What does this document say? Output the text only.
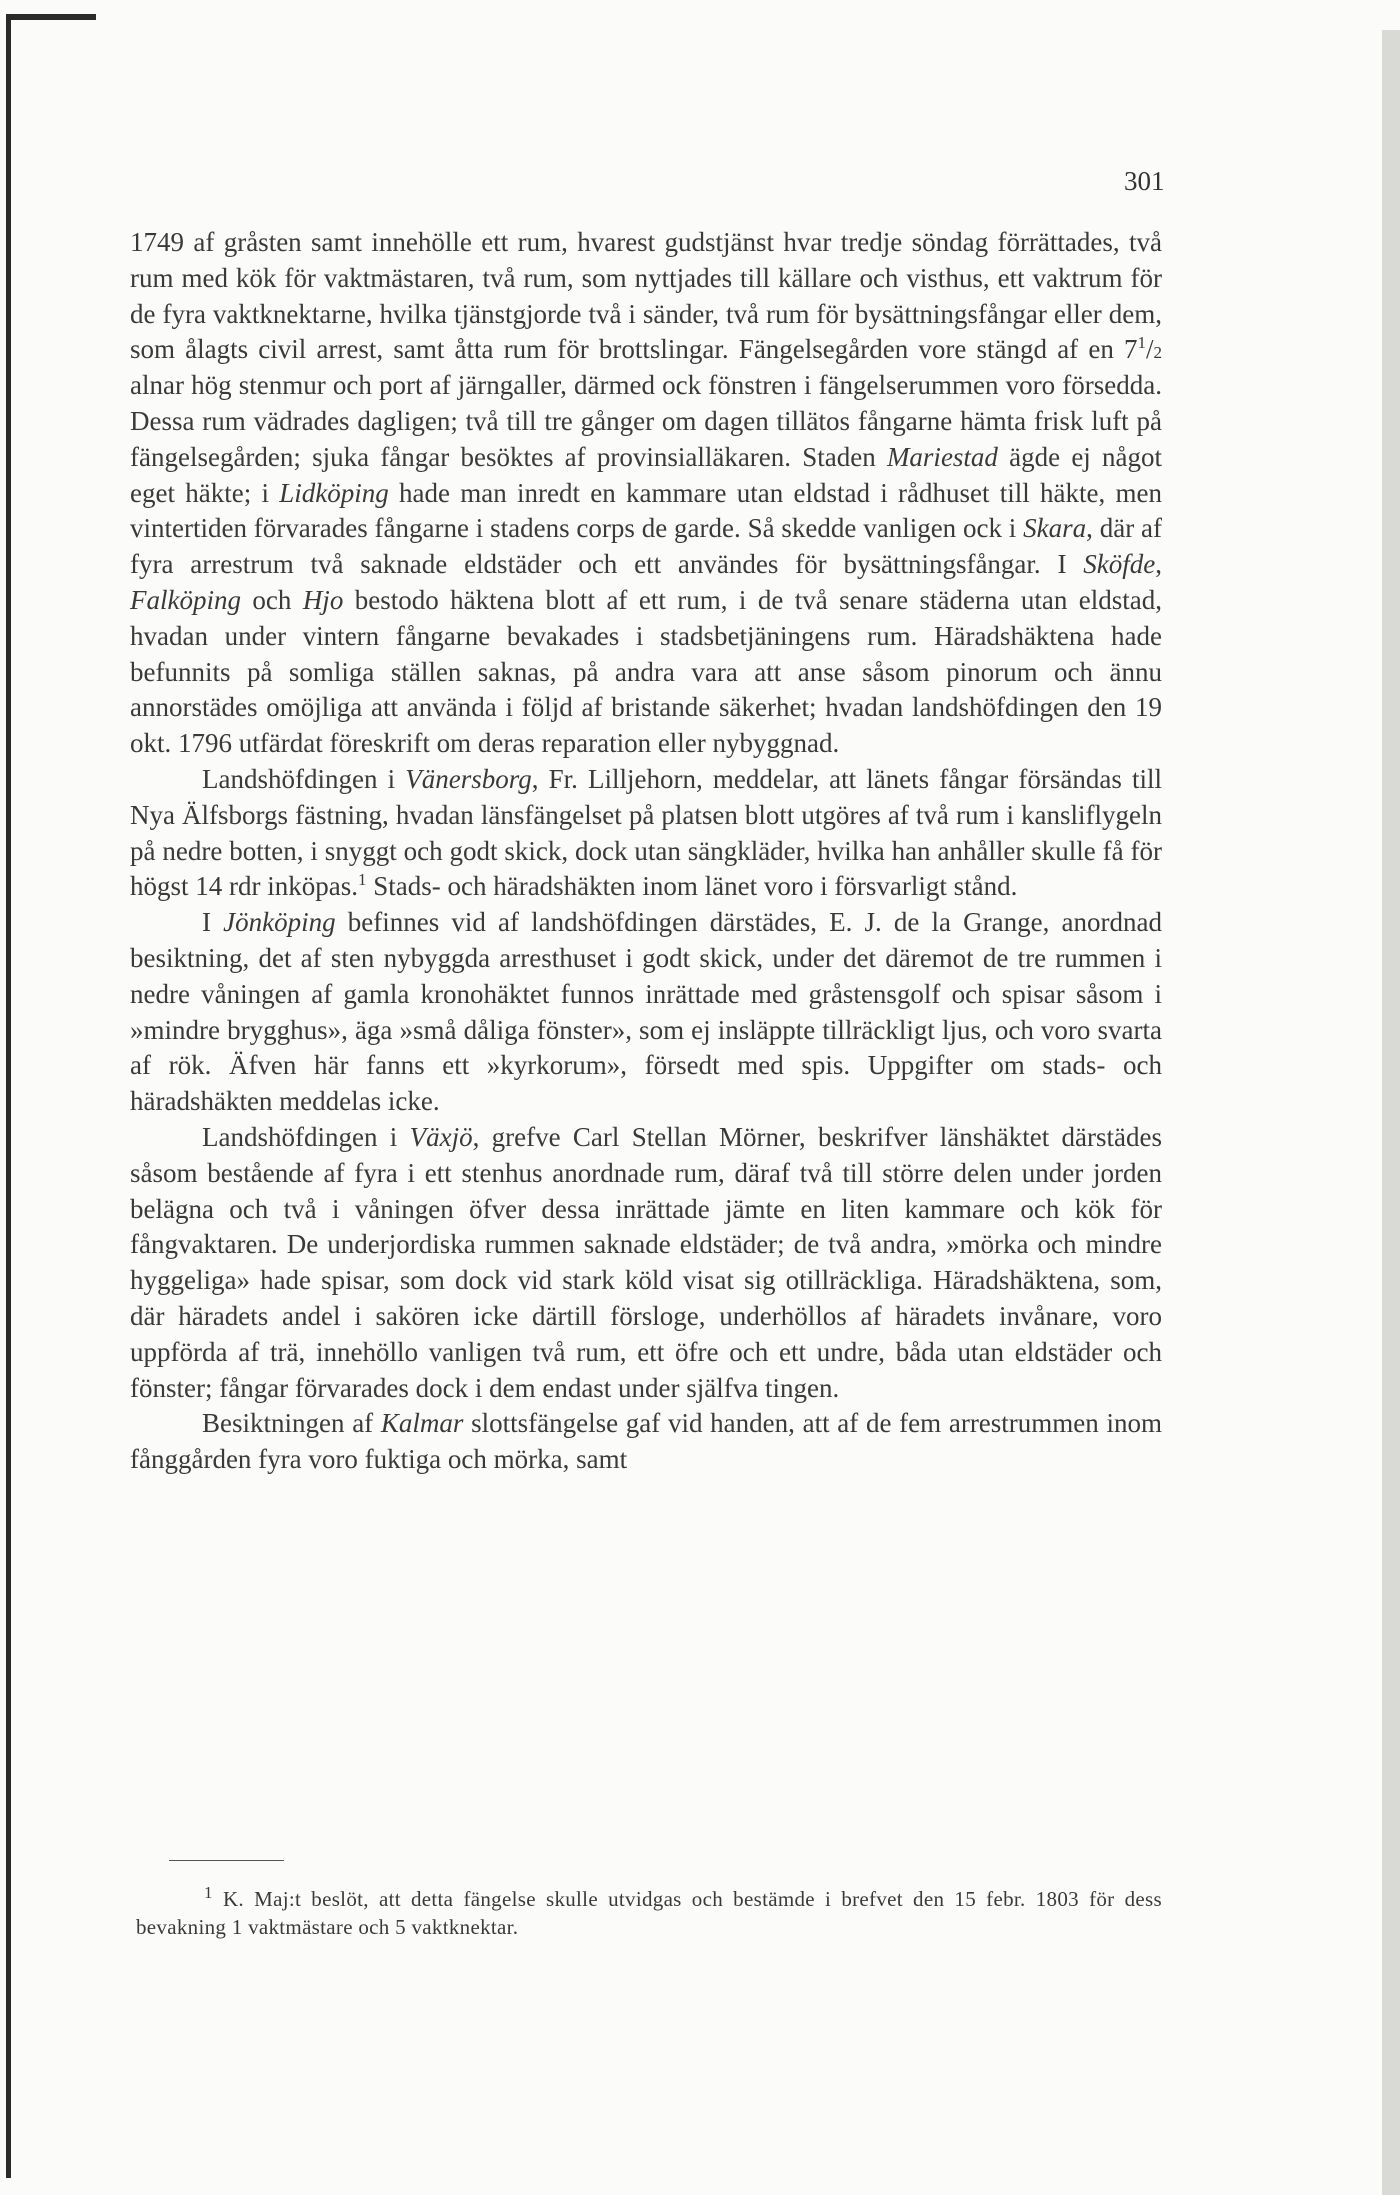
301

1749 af gråsten samt innehölle ett rum, hvarest gudstjänst hvar tredje söndag förrättades, två rum med kök för vaktmästaren, två rum, som nyttjades till källare och visthus, ett vaktrum för de fyra vaktknektarne, hvilka tjänstgjorde två i sänder, två rum för bysättningsfångar eller dem, som ålagts civil arrest, samt åtta rum för brottslingar. Fängelsegården vore stängd af en $7^1/2$ alnar hög stenmur och port af järngaller, därmed ock fönstren i fängelserummen voro försedda. Dessa rum vädrades dagligen; två till tre gånger om dagen tillätos fångarne hämta frisk luft på fängelsegården; sjuka fångar besöktes af provinsialläkaren. Staden Mariestad ägde ej något eget häkte; i Lidköping hade man inredt en kammare utan eldstad i rådhuset till häkte, men vintertiden förvarades fångarne i stadens corps de garde. Så skedde vanligen ock i Skara, där af fyra arrestrum två saknade eldstäder och ett användes för bysättningsfångar. I Sköfde, Falköping och Hjo bestodo häktena blott af ett rum, i de två senare städerna utan eldstad, hvadan under vintern fångarne bevakades i stadsbetjäningens rum. Häradshäktena hade befunnits på somliga ställen saknas, på andra vara att anse såsom pinorum och ännu annorstädes omöjliga att använda i följd af bristande säkerhet; hvadan landshöfdingen den 19 okt. 1796 utfärdat föreskrift om deras reparation eller nybyggnad.

Landshöfdingen i Vänersborg, Fr. Lilljehorn, meddelar, att länets fångar försändas till Nya Älfsborgs fästning, hvadan länsfängelset på platsen blott utgöres af två rum i kansliflygeln på nedre botten, i snyggt och godt skick, dock utan sängkläder, hvilka han anhåller skulle få för högst 14 rdr inköpas.$^1$ Stads- och häradshäkten inom länet voro i försvarligt stånd.

I Jönköping befinnes vid af landshöfdingen därstädes, E. J. de la Grange, anordnad besiktning, det af sten nybyggda arresthuset i godt skick, under det däremot de tre rummen i nedre våningen af gamla kronohäktet funnos inrättade med gråstensgolf och spisar såsom i »mindre brygghus», äga »små dåliga fönster», som ej insläppte tillräckligt ljus, och voro svarta af rök. Äfven här fanns ett »kyrkorum», försedt med spis. Uppgifter om stads- och häradshäkten meddelas icke.

Landshöfdingen i Växjö, grefve Carl Stellan Mörner, beskrifver länshäktet därstädes såsom bestående af fyra i ett stenhus anordnade rum, däraf två till större delen under jorden belägna och två i våningen öfver dessa inrättade jämte en liten kammare och kök för fångvaktaren. De underjordiska rummen saknade eldstäder; de två andra, »mörka och mindre hyggeliga» hade spisar, som dock vid stark köld visat sig otillräckliga. Häradshäktena, som, där häradets andel i sakören icke därtill försloge, underhöllos af häradets invånare, voro uppförda af trä, innehöllo vanligen två rum, ett öfre och ett undre, båda utan eldstäder och fönster; fångar förvarades dock i dem endast under själfva tingen.

Besiktningen af Kalmar slottsfängelse gaf vid handen, att af de fem arrestrummen inom fånggården fyra voro fuktiga och mörka, samt

$^1$ K. Maj:t beslöt, att detta fängelse skulle utvidgas och bestämde i brefvet den 15 febr. 1803 för dess bevakning 1 vaktmästare och 5 vaktknektar.
